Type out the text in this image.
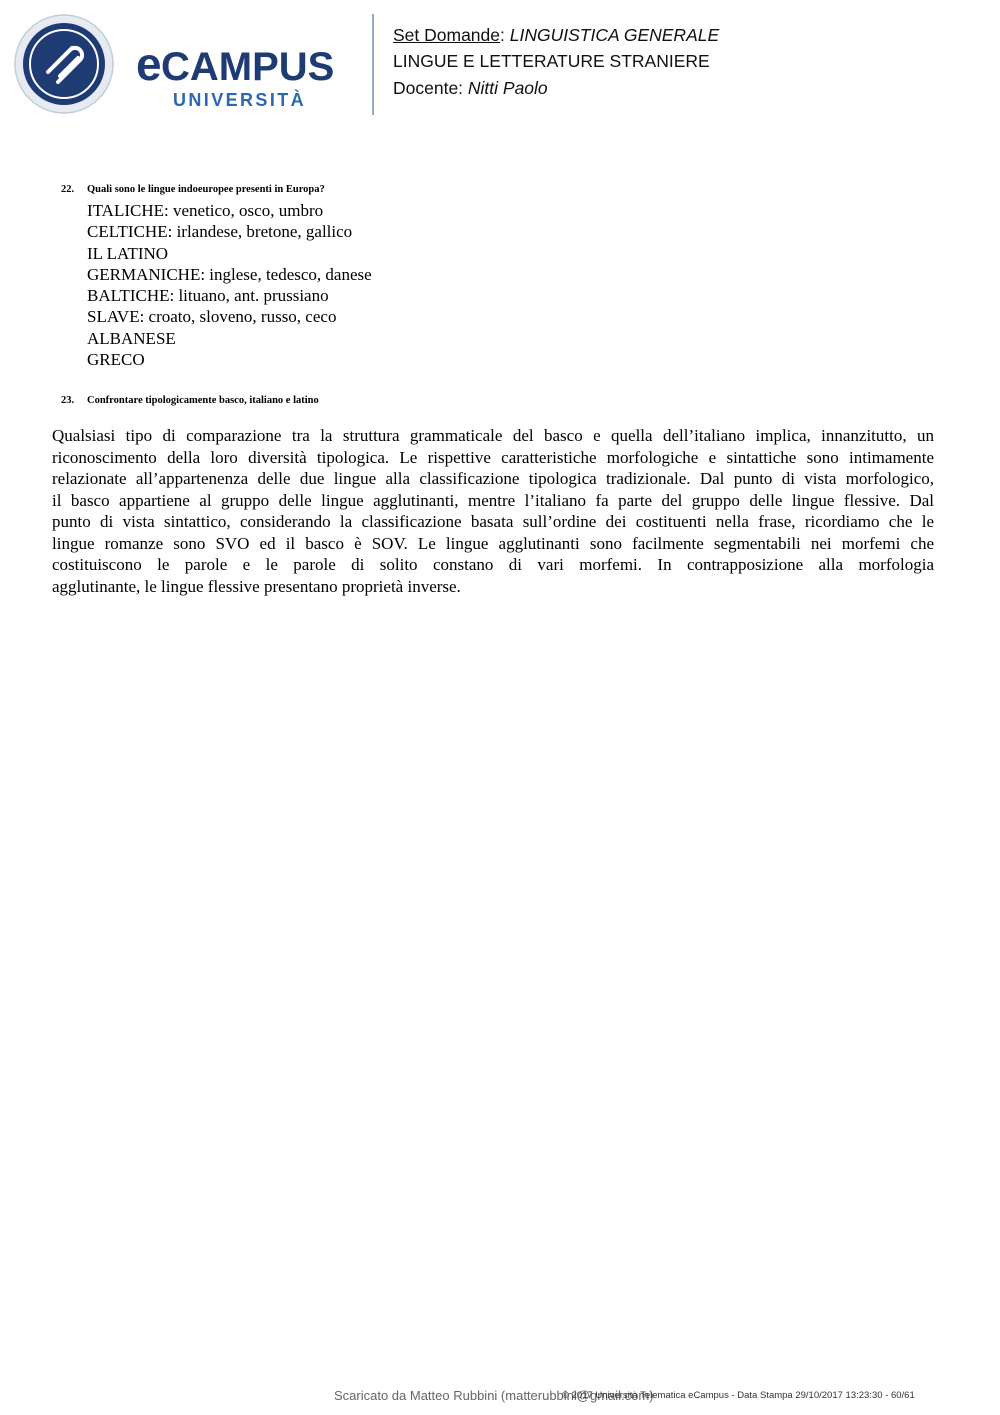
e CAMPUS
UNIVERSITÀ
Set Domande: LINGUISTICA GENERALE
LINGUE E LETTERATURE STRANIERE
Docente: Nitti Paolo
22. Quali sono le lingue indoeuropee presenti in Europa?
ITALICHE: venetico, osco, umbro
CELTICHE: irlandese, bretone, gallico
IL LATINO
GERMANICHE: inglese, tedesco, danese
BALTICHE: lituano, ant. prussiano
SLAVE: croato, sloveno, russo, ceco
ALBANESE
GRECO
23. Confrontare tipologicamente basco, italiano e latino
Qualsiasi tipo di comparazione tra la struttura grammaticale del basco e quella dell’italiano implica, innanzitutto, un
riconoscimento della loro diversità tipologica. Le rispettive caratteristiche morfologiche e sintattiche sono intimamente
relazionate all’appartenenza delle due lingue alla classificazione tipologica tradizionale. Dal punto di vista morfologico,
il basco appartiene al gruppo delle lingue agglutinanti, mentre l’italiano fa parte del gruppo delle lingue flessive. Dal
punto di vista sintattico, considerando la classificazione basata sull’ordine dei costituenti nella frase, ricordiamo che le
lingue romanze sono SVO ed il basco è SOV. Le lingue agglutinanti sono facilmente segmentabili nei morfemi che
costituiscono le parole e le parole di solito constano di vari morfemi. In contrapposizione alla morfologia
agglutinante, le lingue flessive presentano proprietà inverse.
Scaricato da Matteo Rubbini (matterubbini@gmail.com)
© 2017 Università Telematica eCampus - Data Stampa 29/10/2017 13:23:30 - 60/61
